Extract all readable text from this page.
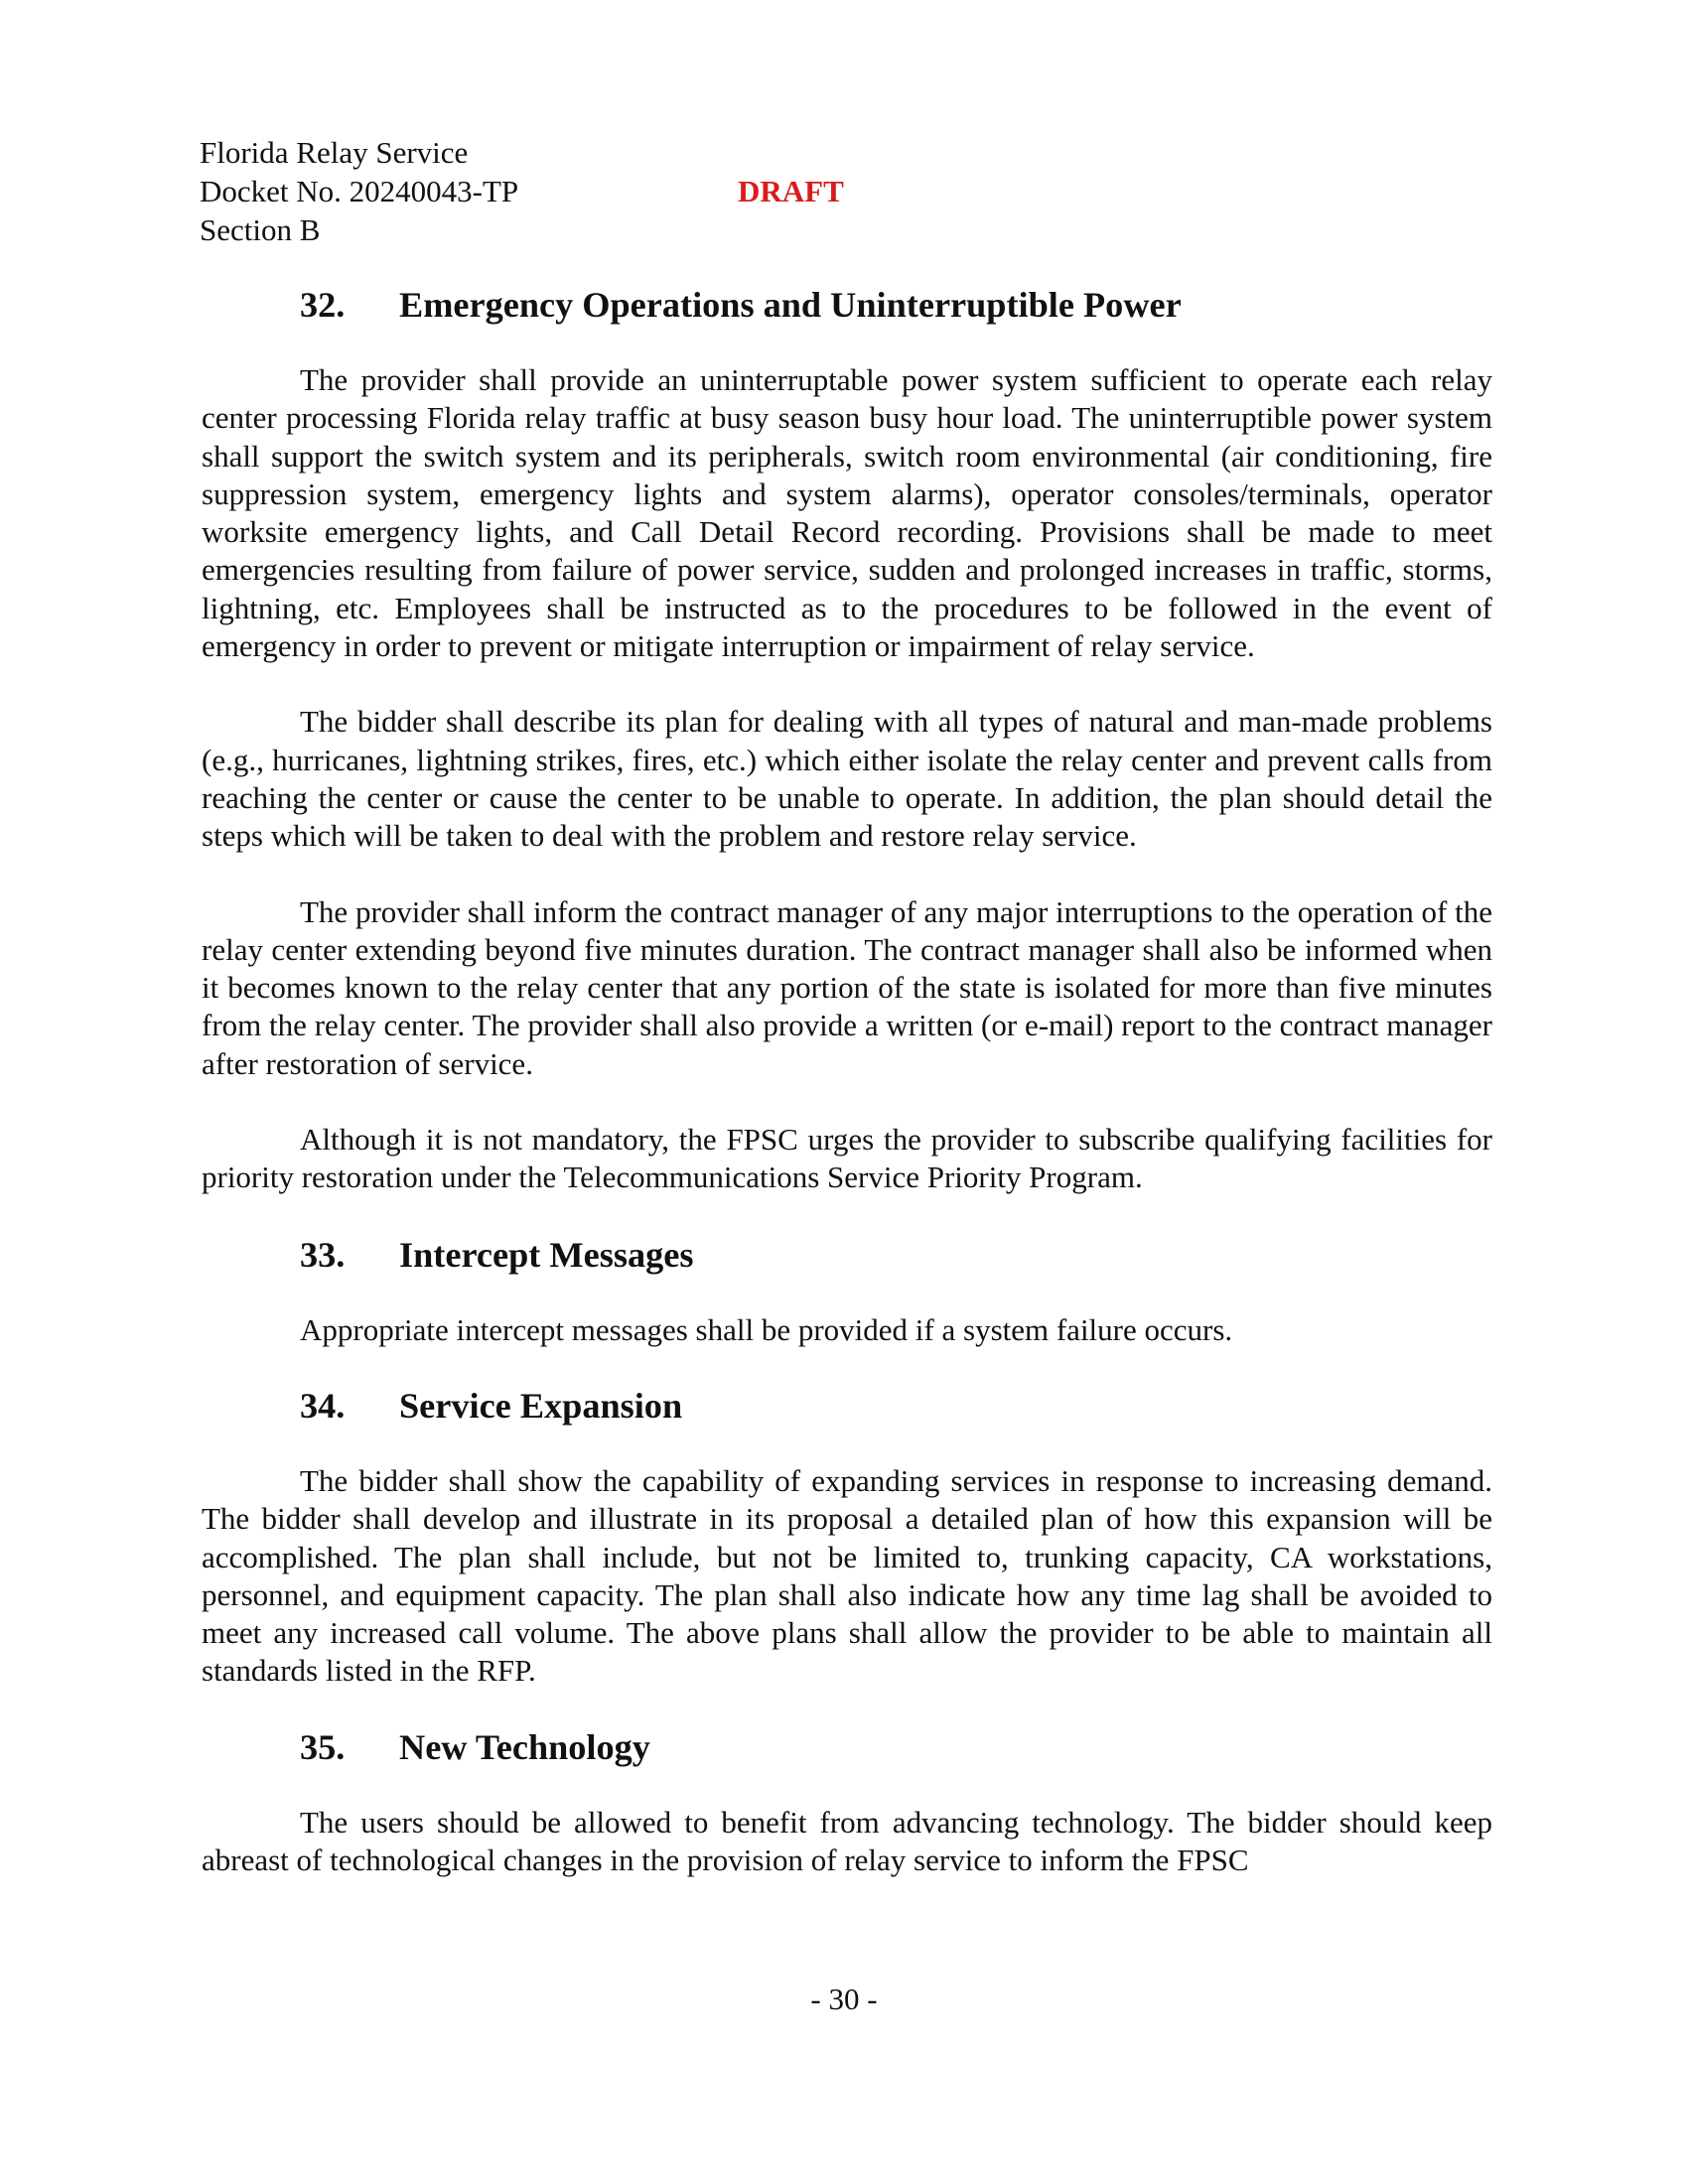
Florida Relay Service
Docket No. 20240043-TP
Section B
DRAFT
32. Emergency Operations and Uninterruptible Power

The provider shall provide an uninterruptable power system sufficient to operate each relay center processing Florida relay traffic at busy season busy hour load. The uninterruptible power system shall support the switch system and its peripherals, switch room environmental (air conditioning, fire suppression system, emergency lights and system alarms), operator consoles/terminals, operator worksite emergency lights, and Call Detail Record recording. Provisions shall be made to meet emergencies resulting from failure of power service, sudden and prolonged increases in traffic, storms, lightning, etc. Employees shall be instructed as to the procedures to be followed in the event of emergency in order to prevent or mitigate interruption or impairment of relay service.

The bidder shall describe its plan for dealing with all types of natural and man-made problems (e.g., hurricanes, lightning strikes, fires, etc.) which either isolate the relay center and prevent calls from reaching the center or cause the center to be unable to operate. In addition, the plan should detail the steps which will be taken to deal with the problem and restore relay service.

The provider shall inform the contract manager of any major interruptions to the operation of the relay center extending beyond five minutes duration. The contract manager shall also be informed when it becomes known to the relay center that any portion of the state is isolated for more than five minutes from the relay center. The provider shall also provide a written (or e-mail) report to the contract manager after restoration of service.

Although it is not mandatory, the FPSC urges the provider to subscribe qualifying facilities for priority restoration under the Telecommunications Service Priority Program.

33. Intercept Messages

Appropriate intercept messages shall be provided if a system failure occurs.

34. Service Expansion

The bidder shall show the capability of expanding services in response to increasing demand. The bidder shall develop and illustrate in its proposal a detailed plan of how this expansion will be accomplished. The plan shall include, but not be limited to, trunking capacity, CA workstations, personnel, and equipment capacity. The plan shall also indicate how any time lag shall be avoided to meet any increased call volume. The above plans shall allow the provider to be able to maintain all standards listed in the RFP.

35. New Technology

The users should be allowed to benefit from advancing technology. The bidder should keep abreast of technological changes in the provision of relay service to inform the FPSC

- 30 -
